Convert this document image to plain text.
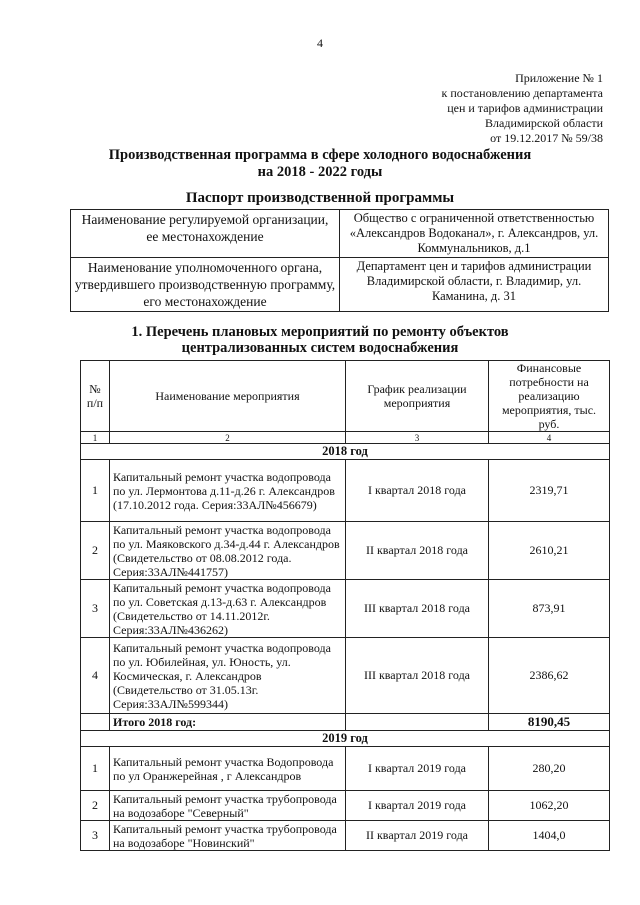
4
Приложение № 1
к постановлению департамента
цен и тарифов администрации
Владимирской области
от 19.12.2017 № 59/38
Производственная программа в сфере холодного водоснабжения
на 2018 - 2022 годы
Паспорт производственной программы
Наименование регулируемой организации, ее местонахождение	Общество с ограниченной ответственностью «Александров Водоканал», г. Александров, ул. Коммунальников, д.1
Наименование уполномоченного органа, утвердившего производственную программу, его местонахождение	Департамент цен и тарифов администрации Владимирской области, г. Владимир, ул. Каманина, д. 31
1. Перечень плановых мероприятий по ремонту объектов
централизованных систем водоснабжения
№ п/п	Наименование мероприятия	График реализации мероприятия	Финансовые потребности на реализацию мероприятия, тыс. руб.
1	2	3	4
2018 год			
1	Капитальный ремонт участка водопровода по ул. Лермонтова д.11-д.26 г. Александров (17.10.2012 года. Серия:33АЛ№456679)	I квартал 2018 года	2319,71
2	Капитальный ремонт участка водопровода по ул. Маяковского д.34-д.44 г. Александров (Свидетельство от 08.08.2012 года. Серия:33АЛ№441757)	II квартал 2018 года	2610,21
3	Капитальный ремонт участка водопровода по ул. Советская д.13-д.63 г. Александров (Свидетельство от 14.11.2012г. Серия:33АЛ№436262)	III квартал 2018 года	873,91
4	Капитальный ремонт участка водопровода по ул. Юбилейная, ул. Юность, ул. Космическая, г. Александров (Свидетельство от 31.05.13г. Серия:33АЛ№599344)	III квартал 2018 года	2386,62
	Итого 2018 год:		8190,45
2019 год			
1	Капитальный ремонт участка Водопровода по ул Оранжерейная , г Александров	I квартал 2019 года	280,20
2	Капитальный ремонт участка трубопровода на водозаборе "Северный"	I квартал 2019 года	1062,20
3	Капитальный ремонт участка трубопровода на водозаборе "Новинский"	II квартал 2019 года	1404,0
